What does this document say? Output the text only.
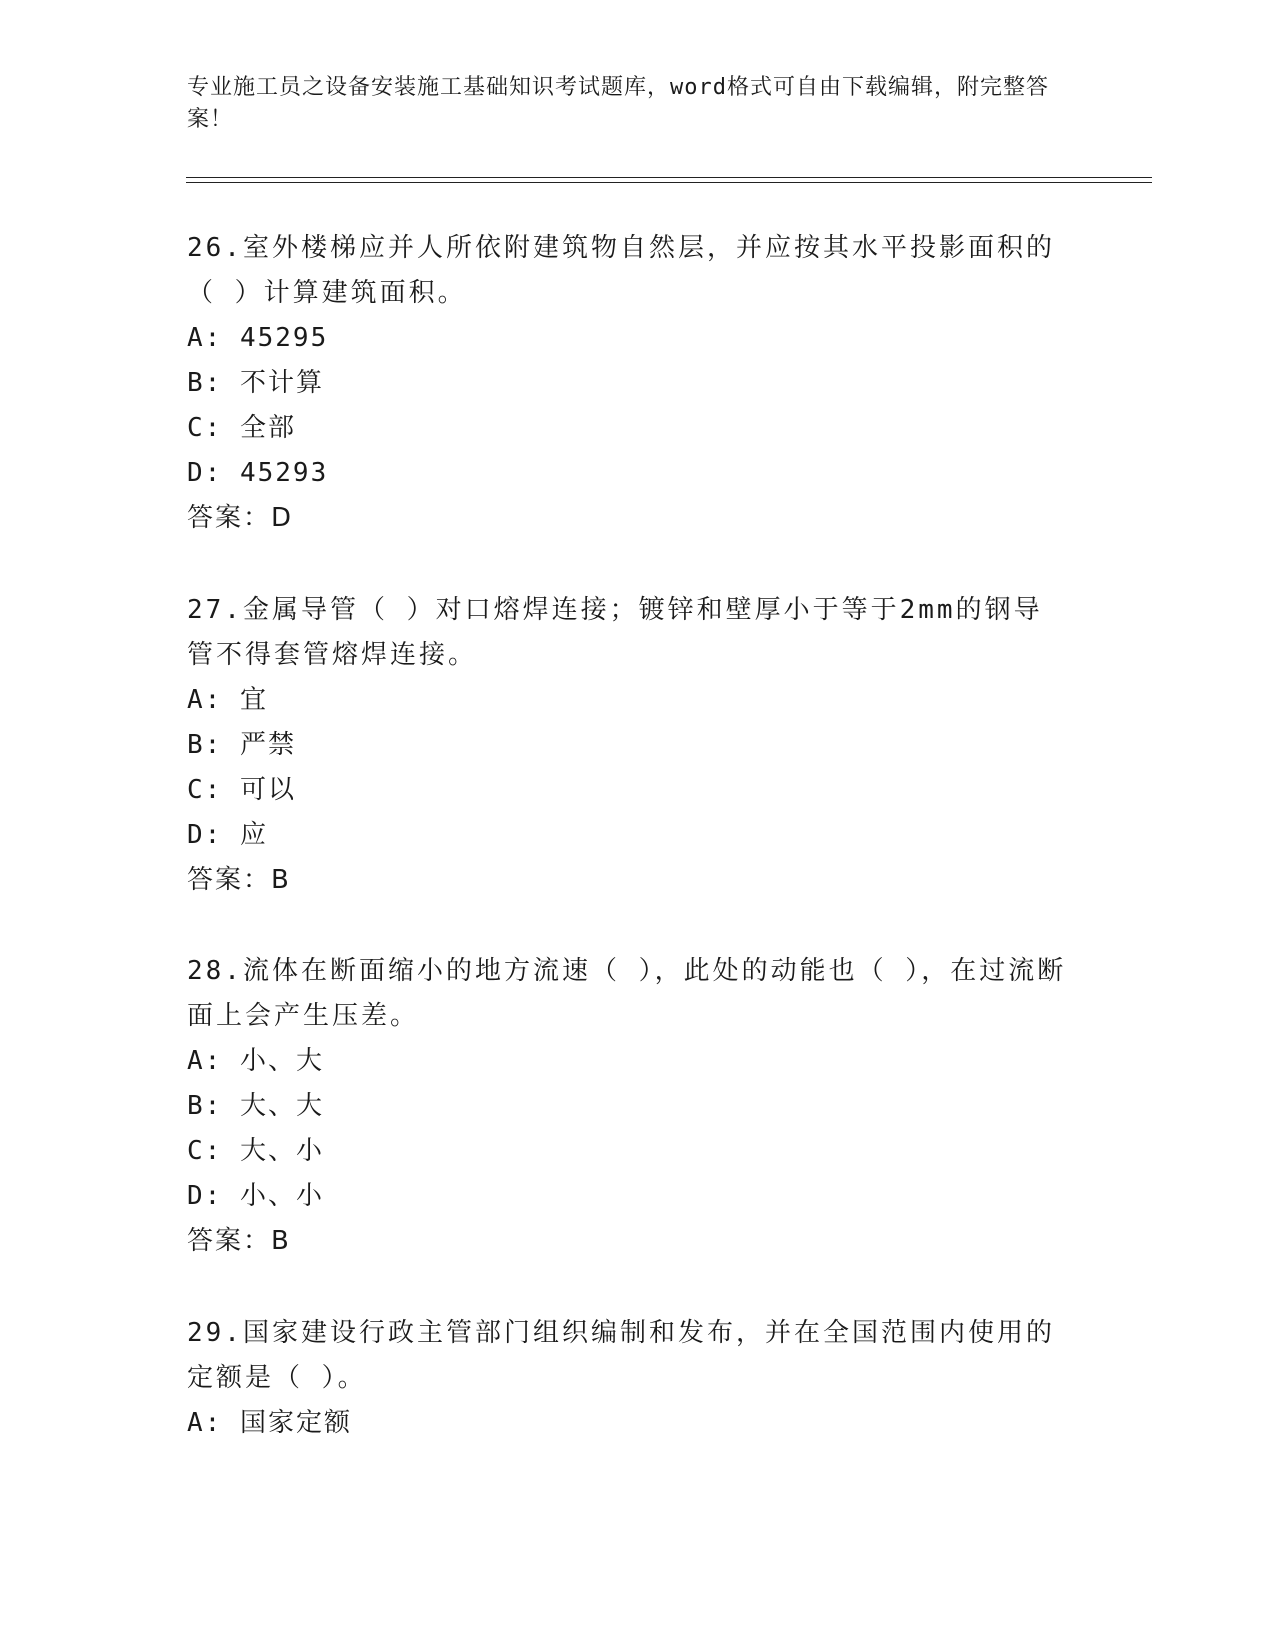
专业施工员之设备安装施工基础知识考试题库，word格式可自由下载编辑，附完整答案！

26.室外楼梯应并人所依附建筑物自然层，并应按其水平投影面积的（ ）计算建筑面积。

A: 45295

B: 不计算

C: 全部

D: 45293

答案：D

27.金属导管（ ）对口熔焊连接；镀锌和壁厚小于等于2mm的钢导管不得套管熔焊连接。

A: 宜

B: 严禁

C: 可以

D: 应

答案：B

28.流体在断面缩小的地方流速（ ），此处的动能也（ ），在过流断面上会产生压差。

A: 小、大

B: 大、大

C: 大、小

D: 小、小

答案：B

29.国家建设行政主管部门组织编制和发布，并在全国范围内使用的定额是（ ）。

A: 国家定额
